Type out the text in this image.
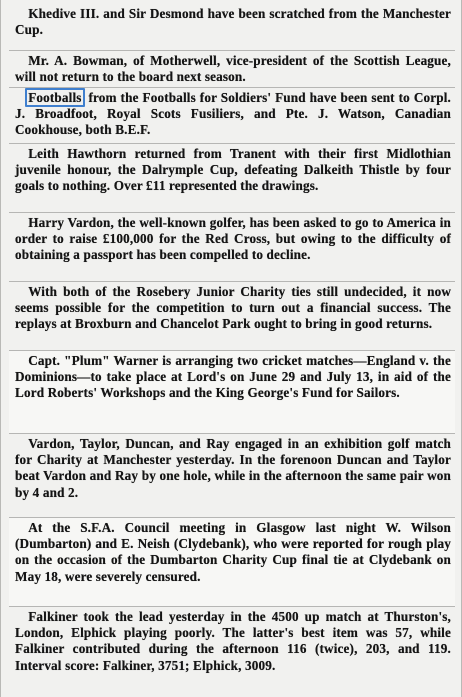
Khedive III. and Sir Desmond have been scratched from the Manchester Cup.

Mr. A. Bowman, of Motherwell, vice-president of the Scottish League, will not return to the board next season.

Footballs from the Footballs for Soldiers' Fund have been sent to Corpl. J. Broadfoot, Royal Scots Fusiliers, and Pte. J. Watson, Canadian Cookhouse, both B.E.F.

Leith Hawthorn returned from Tranent with their first Midlothian juvenile honour, the Dalrymple Cup, defeating Dalkeith Thistle by four goals to nothing. Over £11 represented the drawings.

Harry Vardon, the well-known golfer, has been asked to go to America in order to raise £100,000 for the Red Cross, but owing to the difficulty of obtaining a passport has been compelled to decline.

With both of the Rosebery Junior Charity ties still undecided, it now seems possible for the competition to turn out a financial success. The replays at Broxburn and Chancelot Park ought to bring in good returns.

Capt. "Plum" Warner is arranging two cricket matches—England v. the Dominions—to take place at Lord's on June 29 and July 13, in aid of the Lord Roberts' Workshops and the King George's Fund for Sailors.

Vardon, Taylor, Duncan, and Ray engaged in an exhibition golf match for Charity at Manchester yesterday. In the forenoon Duncan and Taylor beat Vardon and Ray by one hole, while in the afternoon the same pair won by 4 and 2.

At the S.F.A. Council meeting in Glasgow last night W. Wilson (Dumbarton) and E. Neish (Clydebank), who were reported for rough play on the occasion of the Dumbarton Charity Cup final tie at Clydebank on May 18, were severely censured.

Falkiner took the lead yesterday in the 4500 up match at Thurston's, London, Elphick playing poorly. The latter's best item was 57, while Falkiner contributed during the afternoon 116 (twice), 203, and 119. Interval score: Falkiner, 3751; Elphick, 3009.
